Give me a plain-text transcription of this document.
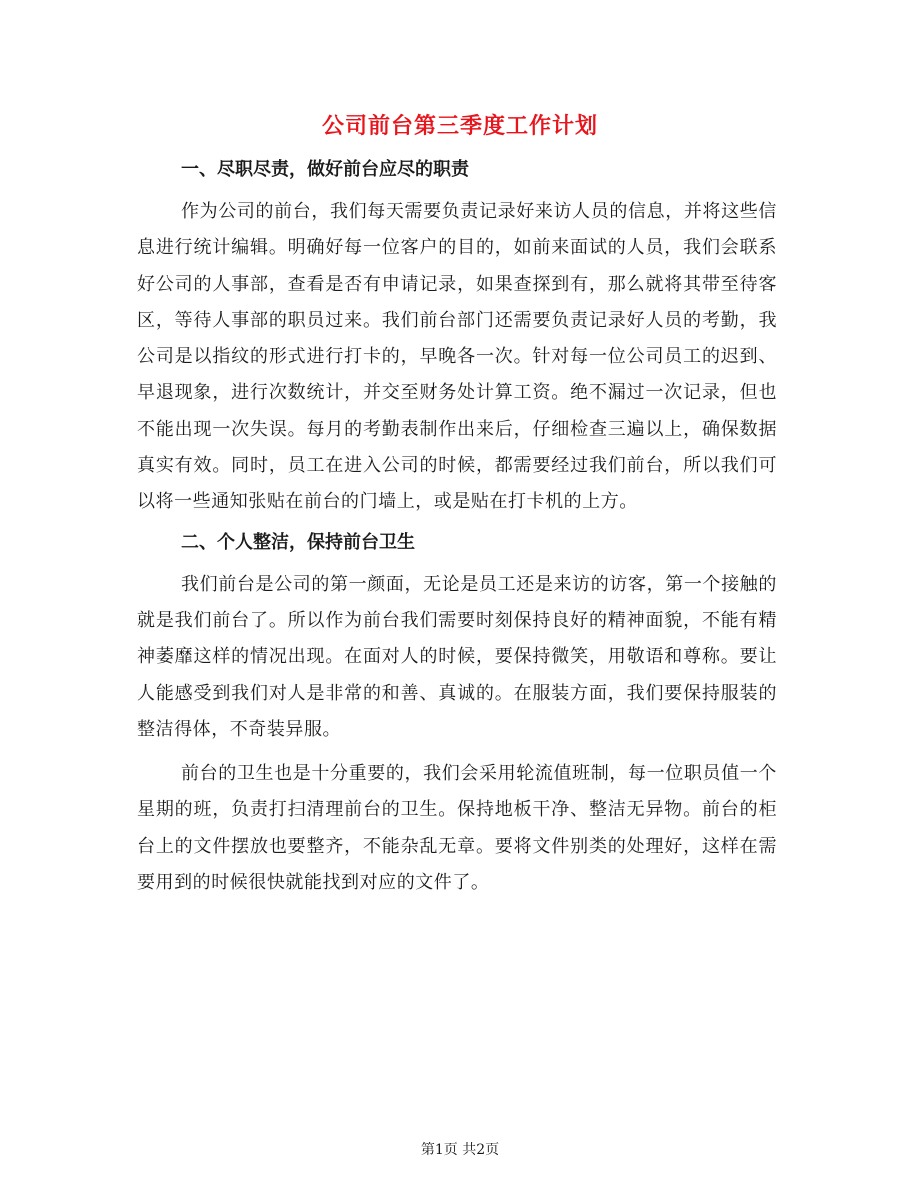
公司前台第三季度工作计划

一、尽职尽责，做好前台应尽的职责

作为公司的前台，我们每天需要负责记录好来访人员的信息，并将这些信息进行统计编辑。明确好每一位客户的目的，如前来面试的人员，我们会联系好公司的人事部，查看是否有申请记录，如果查探到有，那么就将其带至待客区，等待人事部的职员过来。我们前台部门还需要负责记录好人员的考勤，我公司是以指纹的形式进行打卡的，早晚各一次。针对每一位公司员工的迟到、早退现象，进行次数统计，并交至财务处计算工资。绝不漏过一次记录，但也不能出现一次失误。每月的考勤表制作出来后，仔细检查三遍以上，确保数据真实有效。同时，员工在进入公司的时候，都需要经过我们前台，所以我们可以将一些通知张贴在前台的门墙上，或是贴在打卡机的上方。

二、个人整洁，保持前台卫生

我们前台是公司的第一颜面，无论是员工还是来访的访客，第一个接触的就是我们前台了。所以作为前台我们需要时刻保持良好的精神面貌，不能有精神萎靡这样的情况出现。在面对人的时候，要保持微笑，用敬语和尊称。要让人能感受到我们对人是非常的和善、真诚的。在服装方面，我们要保持服装的整洁得体，不奇装异服。

前台的卫生也是十分重要的，我们会采用轮流值班制，每一位职员值一个星期的班，负责打扫清理前台的卫生。保持地板干净、整洁无异物。前台的柜台上的文件摆放也要整齐，不能杂乱无章。要将文件别类的处理好，这样在需要用到的时候很快就能找到对应的文件了。

第1页 共2页
